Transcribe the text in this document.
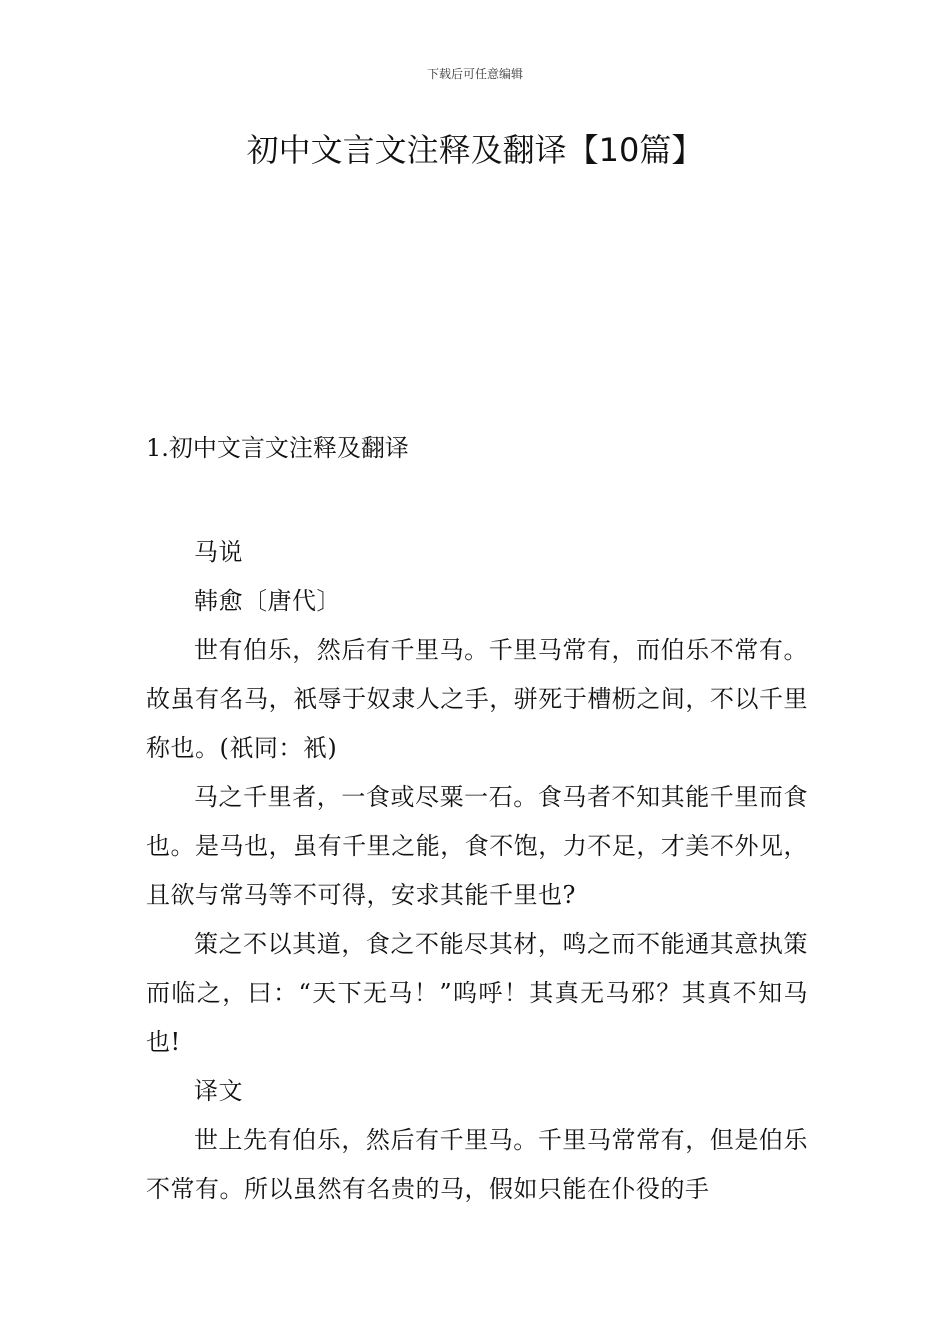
下载后可任意编辑
初中文言文注释及翻译【10篇】
1.初中文言文注释及翻译

马说

韩愈〔唐代〕

世有伯乐，然后有千里马。千里马常有，而伯乐不常有。故虽有名马，祇辱于奴隶人之手，骈死于槽枥之间，不以千里称也。(祇同：衹)

马之千里者，一食或尽粟一石。食马者不知其能千里而食也。是马也，虽有千里之能，食不饱，力不足，才美不外见，且欲与常马等不可得，安求其能千里也?

策之不以其道，食之不能尽其材，鸣之而不能通其意执策而临之，曰：“天下无马！”呜呼！其真无马邪？其真不知马也!

译文

世上先有伯乐，然后有千里马。千里马常常有，但是伯乐不常有。所以虽然有名贵的马，假如只能在仆役的手
